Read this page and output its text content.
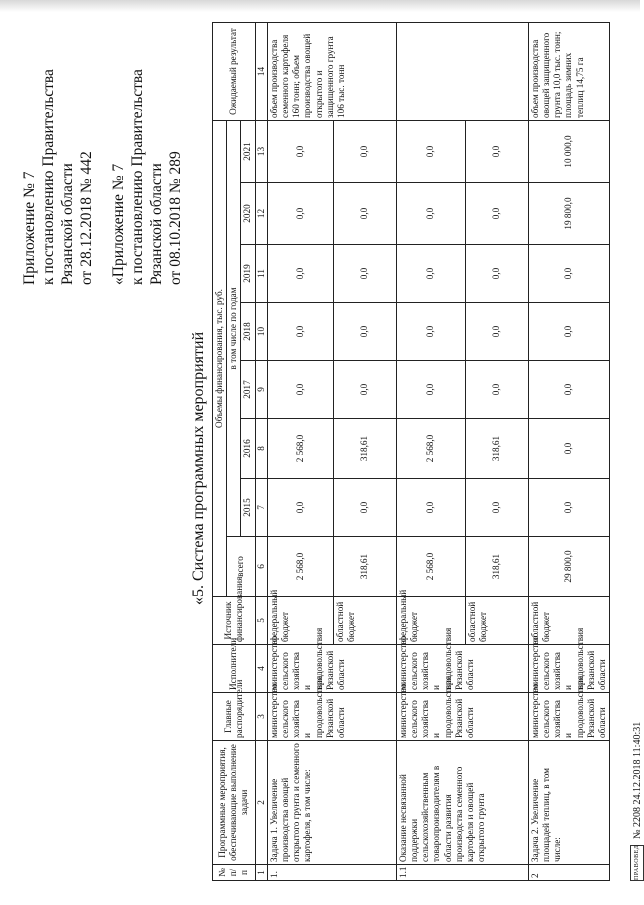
Приложение № 7 к постановлению Правительства Рязанской области от 28.12.2018 № 442 «Приложение № 7 к постановлению Правительства Рязанской области от 08.10.2018 № 289
«5. Система программных мероприятий
№ п/п	Программные мероприятия, обеспечивающие выполнение задачи	Главные распорядители	Исполнители	Источник финансирования	Объемы финансирования, тыс. руб.								Ожидаемый результат
					всего	в том числе по годам							
						2015	2016	2017	2018	2019	2020	2021	
1	2	3	4	5	6	7	8	9	10	11	12	13	14
1.	Задача 1. Увеличение производства овощей открытого грунта и семенного картофеля, в том числе:	министерство сельского хозяйства и продовольствия Рязанской области	министерство сельского хозяйства и продовольствия Рязанской области	федеральный бюджет	2 568,0	0,0	2 568,0	0,0	0,0	0,0	0,0	0,0	объем производства семенного картофеля 160 тонн; объем производства овощей открытого и защищенного грунта 106 тыс. тонн
				областной бюджет	318,61	0,0	318,61	0,0	0,0	0,0	0,0	0,0	
1.1	Оказание несвязанной поддержки сельскохозяйственным товаропроизводителям в области развития производства семенного картофеля и овощей открытого грунта	министерство сельского хозяйства и продовольствия Рязанской области	министерство сельского хозяйства и продовольствия Рязанской области	федеральный бюджет	2 568,0	0,0	2 568,0	0,0	0,0	0,0	0,0	0,0	
				областной бюджет	318,61	0,0	318,61	0,0	0,0	0,0	0,0	0,0	
2	Задача 2. Увеличение площадей теплиц, в том числе:	министерство сельского хозяйства и продовольствия Рязанской области	министерство сельского хозяйства и продовольствия Рязанской области	областной бюджет	29 800,0	0,0	0,0	0,0	0,0	0,0	19 800,0	10 000,0	объем производства овощей защищенного грунта 10,0 тыс. тонн; площадь зимних теплиц 14,75 га
ПРАВОВЕД
№ 2208 24.12.2018 11:40:31
